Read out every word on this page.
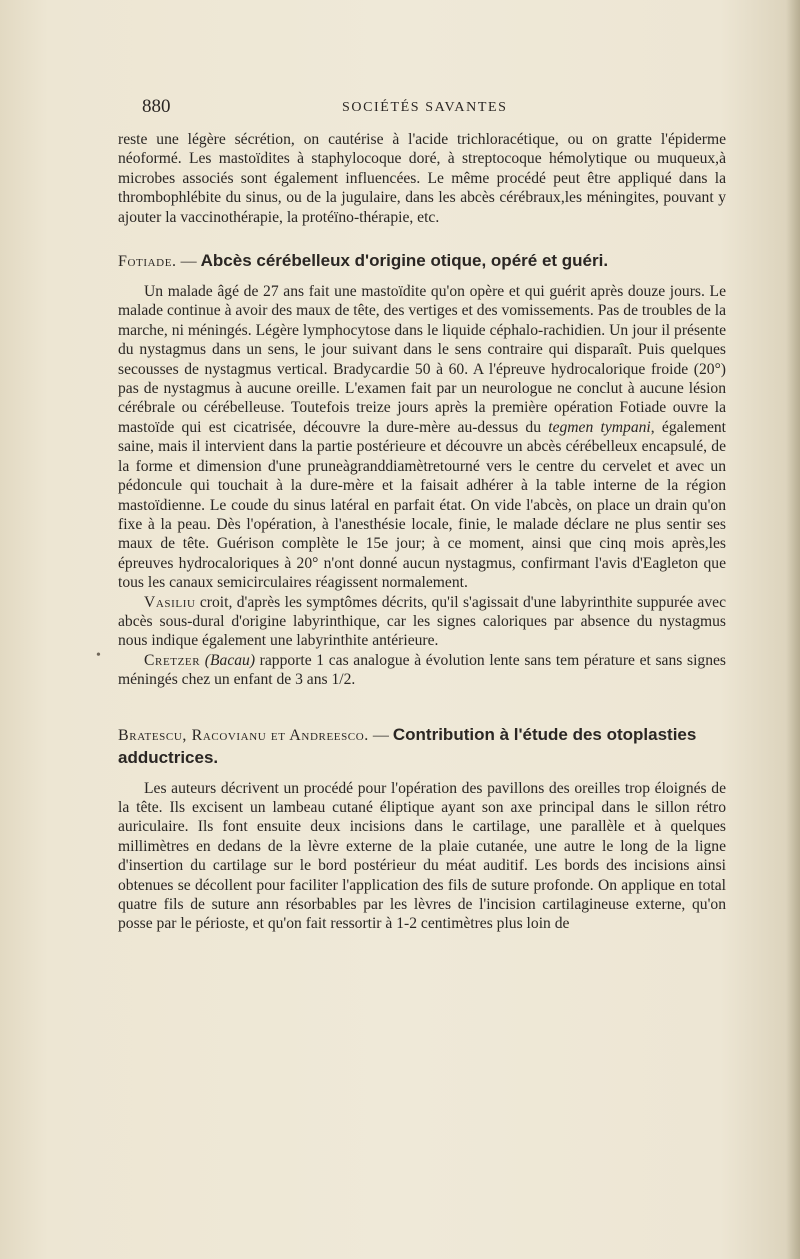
880	SOCIÉTÉS SAVANTES
•

reste une légère sécrétion, on cautérise à l'acide trichloracétique, ou on gratte l'épiderme néoformé. Les mastoïdites à staphylocoque doré, à streptocoque hémolytique ou muqueux,à microbes associés sont également influencées. Le même procédé peut être appliqué dans la thrombophlébite du sinus, ou de la jugulaire, dans les abcès cérébraux,les méningites, pouvant y ajouter la vaccinothérapie, la protéïno-thérapie, etc.

Fotiade. — Abcès cérébelleux d'origine otique, opéré et guéri.

Un malade âgé de 27 ans fait une mastoïdite qu'on opère et qui guérit après douze jours. Le malade continue à avoir des maux de tête, des vertiges et des vomissements. Pas de troubles de la marche, ni méningés. Légère lymphocytose dans le liquide céphalo-rachidien. Un jour il présente du nystagmus dans un sens, le jour suivant dans le sens contraire qui disparaît. Puis quelques secousses de nystagmus vertical. Bradycardie 50 à 60. A l'épreuve hydrocalorique froide (20°) pas de nystagmus à aucune oreille. L'examen fait par un neurologue ne conclut à aucune lésion cérébrale ou cérébelleuse. Toutefois treize jours après la première opération Fotiade ouvre la mastoïde qui est cicatrisée, découvre la dure-mère au-dessus du tegmen tympani, également saine, mais il intervient dans la partie postérieure et découvre un abcès cérébelleux encapsulé, de la forme et dimension d'une pruneàgranddiamètretourné vers le centre du cervelet et avec un pédoncule qui touchait à la dure-mère et la faisait adhérer à la table interne de la région mastoïdienne. Le coude du sinus latéral en parfait état. On vide l'abcès, on place un drain qu'on fixe à la peau. Dès l'opération, à l'anesthésie locale, finie, le malade déclare ne plus sentir ses maux de tête. Guérison complète le 15e jour; à ce moment, ainsi que cinq mois après,les épreuves hydrocaloriques à 20° n'ont donné aucun nystagmus, confirmant l'avis d'Eagleton que tous les canaux semicirculaires réagissent normalement.

Vasiliu croit, d'après les symptômes décrits, qu'il s'agissait d'une labyrinthite suppurée avec abcès sous-dural d'origine labyrinthique, car les signes caloriques par absence du nystagmus nous indique également une labyrinthite antérieure.

Cretzer (Bacau) rapporte 1 cas analogue à évolution lente sans tem pérature et sans signes méningés chez un enfant de 3 ans 1/2.

Bratescu, Racovianu et Andreesco. — Contribution à l'étude des otoplasties adductrices.

Les auteurs décrivent un procédé pour l'opération des pavillons des oreilles trop éloignés de la tête. Ils excisent un lambeau cutané éliptique ayant son axe principal dans le sillon rétro auriculaire. Ils font ensuite deux incisions dans le cartilage, une parallèle et à quelques millimètres en dedans de la lèvre externe de la plaie cutanée, une autre le long de la ligne d'insertion du cartilage sur le bord postérieur du méat auditif. Les bords des incisions ainsi obtenues se décollent pour faciliter l'application des fils de suture profonde. On applique en total quatre fils de suture ann résorbables par les lèvres de l'incision cartilagineuse externe, qu'on posse par le périoste, et qu'on fait ressortir à 1-2 centimètres plus loin de
